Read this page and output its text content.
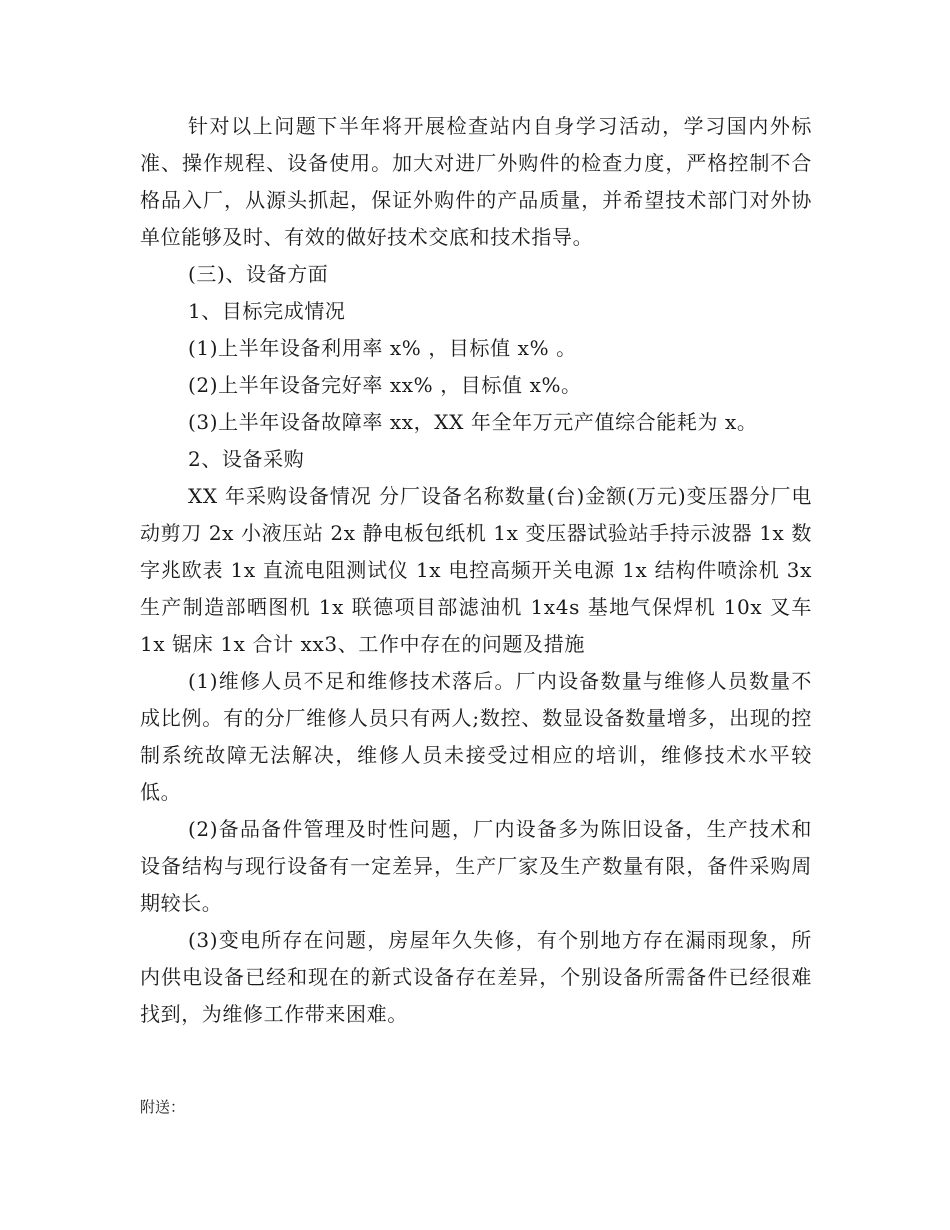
针对以上问题下半年将开展检查站内自身学习活动，学习国内外标准、操作规程、设备使用。加大对进厂外购件的检查力度，严格控制不合格品入厂，从源头抓起，保证外购件的产品质量，并希望技术部门对外协单位能够及时、有效的做好技术交底和技术指导。

(三)、设备方面

1、目标完成情况

(1)上半年设备利用率 x% ，目标值 x% 。

(2)上半年设备完好率 xx% ，目标值 x%。

(3)上半年设备故障率 xx，XX 年全年万元产值综合能耗为 x。

2、设备采购

XX 年采购设备情况 分厂设备名称数量(台)金额(万元)变压器分厂电动剪刀 2x 小液压站 2x 静电板包纸机 1x 变压器试验站手持示波器 1x 数字兆欧表 1x 直流电阻测试仪 1x 电控高频开关电源 1x 结构件喷涂机 3x 生产制造部晒图机 1x 联德项目部滤油机 1x4s 基地气保焊机 10x 叉车 1x 锯床 1x 合计 xx3、工作中存在的问题及措施

(1)维修人员不足和维修技术落后。厂内设备数量与维修人员数量不成比例。有的分厂维修人员只有两人;数控、数显设备数量增多，出现的控制系统故障无法解决，维修人员未接受过相应的培训，维修技术水平较低。

(2)备品备件管理及时性问题，厂内设备多为陈旧设备，生产技术和设备结构与现行设备有一定差异，生产厂家及生产数量有限，备件采购周期较长。

(3)变电所存在问题，房屋年久失修，有个别地方存在漏雨现象，所内供电设备已经和现在的新式设备存在差异，个别设备所需备件已经很难找到，为维修工作带来困难。

附送：
